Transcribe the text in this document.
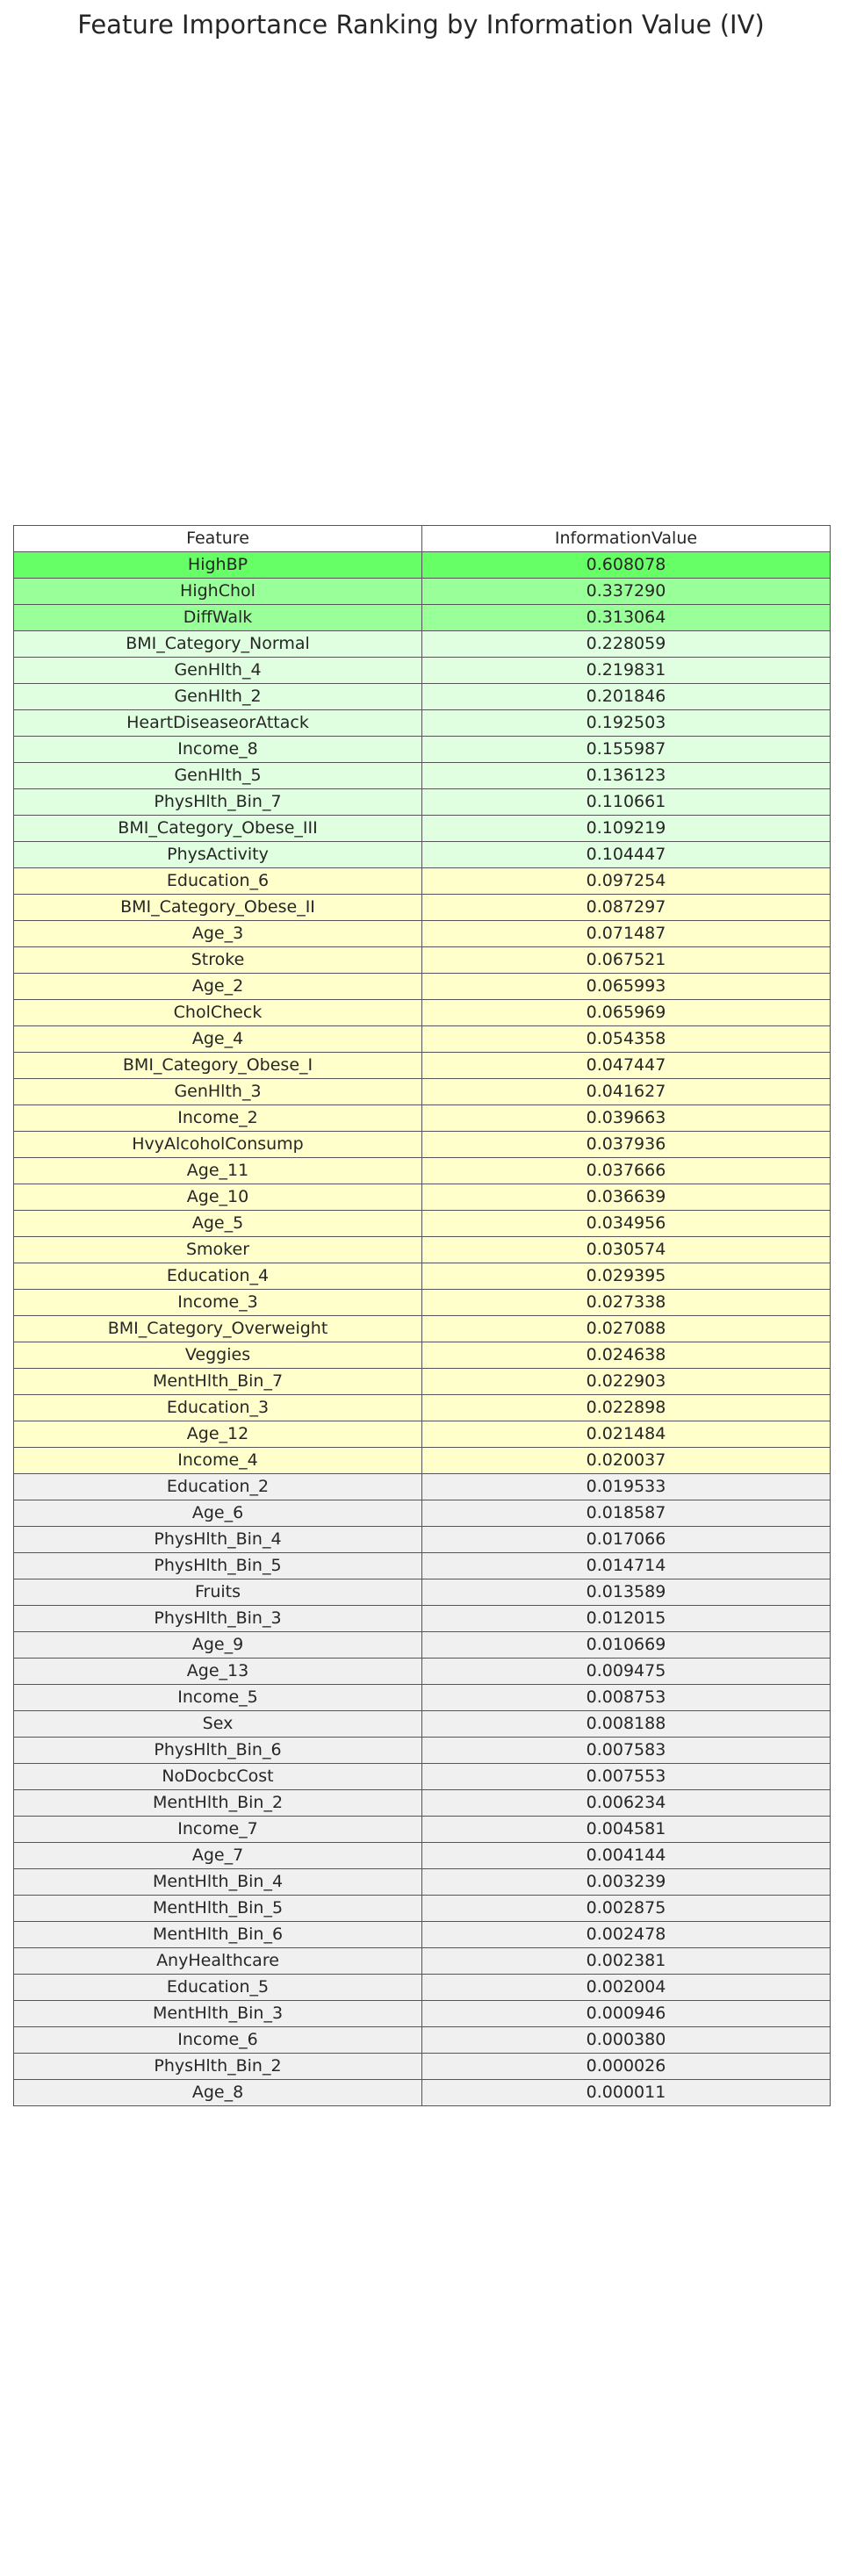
Feature Importance Ranking by Information Value (IV)
Feature	InformationValue
HighBP	0.608078
HighChol	0.337290
DiffWalk	0.313064
BMI_Category_Normal	0.228059
GenHlth_4	0.219831
GenHlth_2	0.201846
HeartDiseaseorAttack	0.192503
Income_8	0.155987
GenHlth_5	0.136123
PhysHlth_Bin_7	0.110661
BMI_Category_Obese_III	0.109219
PhysActivity	0.104447
Education_6	0.097254
BMI_Category_Obese_II	0.087297
Age_3	0.071487
Stroke	0.067521
Age_2	0.065993
CholCheck	0.065969
Age_4	0.054358
BMI_Category_Obese_I	0.047447
GenHlth_3	0.041627
Income_2	0.039663
HvyAlcoholConsump	0.037936
Age_11	0.037666
Age_10	0.036639
Age_5	0.034956
Smoker	0.030574
Education_4	0.029395
Income_3	0.027338
BMI_Category_Overweight	0.027088
Veggies	0.024638
MentHlth_Bin_7	0.022903
Education_3	0.022898
Age_12	0.021484
Income_4	0.020037
Education_2	0.019533
Age_6	0.018587
PhysHlth_Bin_4	0.017066
PhysHlth_Bin_5	0.014714
Fruits	0.013589
PhysHlth_Bin_3	0.012015
Age_9	0.010669
Age_13	0.009475
Income_5	0.008753
Sex	0.008188
PhysHlth_Bin_6	0.007583
NoDocbcCost	0.007553
MentHlth_Bin_2	0.006234
Income_7	0.004581
Age_7	0.004144
MentHlth_Bin_4	0.003239
MentHlth_Bin_5	0.002875
MentHlth_Bin_6	0.002478
AnyHealthcare	0.002381
Education_5	0.002004
MentHlth_Bin_3	0.000946
Income_6	0.000380
PhysHlth_Bin_2	0.000026
Age_8	0.000011
